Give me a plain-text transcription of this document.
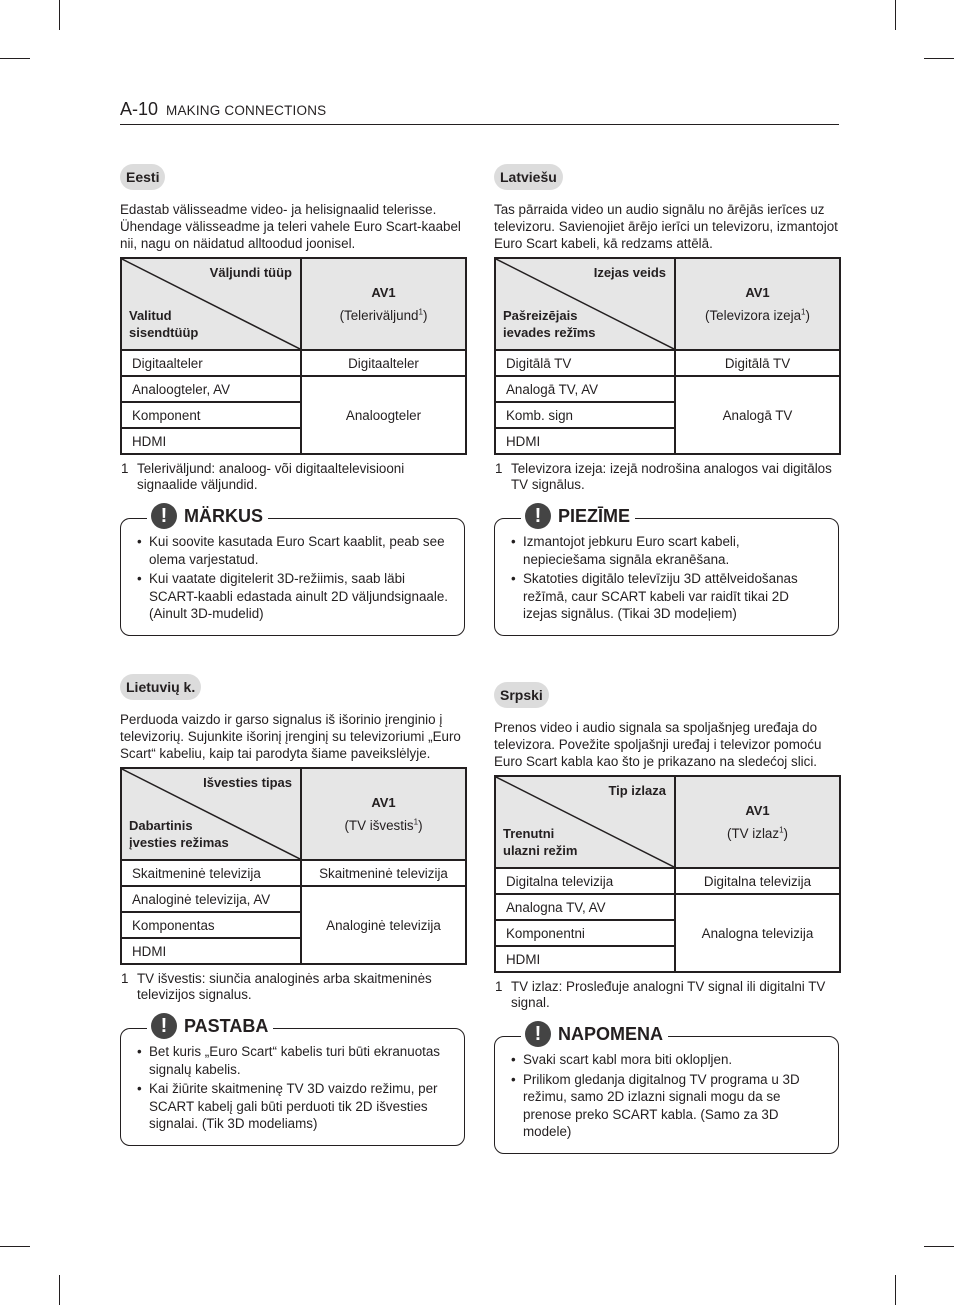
A-10 MAKING CONNECTIONS
Eesti
Edastab välisseadme video- ja helisignaalid telerisse. Ühendage välisseadme ja teleri vahele Euro Scart-kaabel nii, nagu on näidatud alltoodud joonisel.
Väljundi tüüp
Valitud
sisendtüüp	AV1
(Teleriväljund$^1$)

Digitaalteler	Digitaalteler
Analoogteler, AV	Analoogteler
Komponent	
HDMI	
1 Teleriväljund: analoog- või digitaaltelevisiooni signaalide väljundid.
! MÄRKUS
• Kui soovite kasutada Euro Scart kaablit, peab see olema varjestatud.
• Kui vaatate digitelerit 3D-režiimis, saab läbi SCART-kaabli edastada ainult 2D väljundsignaale. (Ainult 3D-mudelid)
Latviešu
Tas pārraida video un audio signālu no ārējās ierīces uz televizoru. Savienojiet ārējo ierīci un televizoru, izmantojot Euro Scart kabeli, kā redzams attēlā.
Izejas veids
Pašreizējais
ievades režīms	AV1
(Televizora izeja$^1$)

Digitālā TV	Digitālā TV
Analogā TV, AV	Analogā TV
Komb. sign	
HDMI	
1 Televizora izeja: izejā nodrošina analogos vai digitālos TV signālus.
! PIEZĪME
• Izmantojot jebkuru Euro scart kabeli, nepieciešama signāla ekranēšana.
• Skatoties digitālo televīziju 3D attēlveidošanas režīmā, caur SCART kabeli var raidīt tikai 2D izejas signālus. (Tikai 3D modeļiem)
Lietuvių k.
Perduoda vaizdo ir garso signalus iš išorinio įrenginio į televizorių. Sujunkite išorinį įrenginį su televizoriumi „Euro Scart“ kabeliu, kaip tai parodyta šiame paveikslėlyje.
Išvesties tipas
Dabartinis
įvesties režimas	AV1
(TV išvestis$^1$)

Skaitmeninė televizija	Skaitmeninė televizija
Analoginė televizija, AV	Analoginė televizija
Komponentas	
HDMI	
1 TV išvestis: siunčia analoginės arba skaitmeninės televizijos signalus.
! PASTABA
• Bet kuris „Euro Scart“ kabelis turi būti ekranuotas signalų kabelis.
• Kai žiūrite skaitmeninę TV 3D vaizdo režimu, per SCART kabelį gali būti perduoti tik 2D išvesties signalai. (Tik 3D modeliams)
Srpski
Prenos video i audio signala sa spoljašnjeg uređaja do televizora. Povežite spoljašnji uređaj i televizor pomoću Euro Scart kabla kao što je prikazano na sledećoj slici.
Tip izlaza
Trenutni
ulazni režim	AV1
(TV izlaz$^1$)

Digitalna televizija	Digitalna televizija
Analogna TV, AV	Analogna televizija
Komponentni	
HDMI	
1 TV izlaz: Prosleđuje analogni TV signal ili digitalni TV signal.
! NAPOMENA
• Svaki scart kabl mora biti okloplјen.
• Prilikom gledanja digitalnog TV programa u 3D režimu, samo 2D izlazni signali mogu da se prenose preko SCART kabla. (Samo za 3D modele)
